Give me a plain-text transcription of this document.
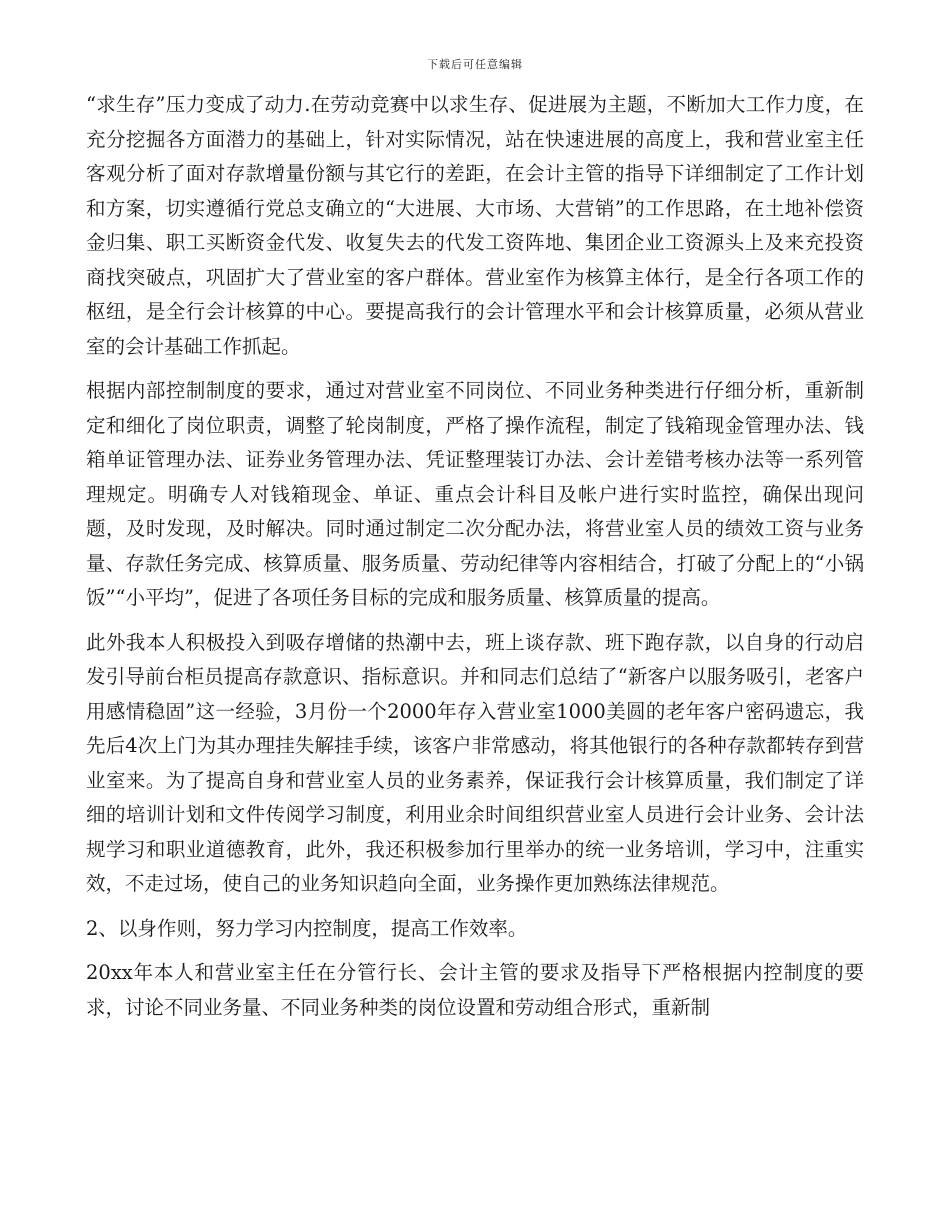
下载后可任意编辑

“求生存”压力变成了动力.在劳动竞赛中以求生存、促进展为主题，不断加大工作力度，在充分挖掘各方面潜力的基础上，针对实际情况，站在快速进展的高度上，我和营业室主任客观分析了面对存款增量份额与其它行的差距，在会计主管的指导下详细制定了工作计划和方案，切实遵循行党总支确立的“大进展、大市场、大营销”的工作思路，在土地补偿资金归集、职工买断资金代发、收复失去的代发工资阵地、集团企业工资源头上及来充投资商找突破点，巩固扩大了营业室的客户群体。营业室作为核算主体行，是全行各项工作的枢纽，是全行会计核算的中心。要提高我行的会计管理水平和会计核算质量，必须从营业室的会计基础工作抓起。

根据内部控制制度的要求，通过对营业室不同岗位、不同业务种类进行仔细分析，重新制定和细化了岗位职责，调整了轮岗制度，严格了操作流程，制定了钱箱现金管理办法、钱箱单证管理办法、证券业务管理办法、凭证整理装订办法、会计差错考核办法等一系列管理规定。明确专人对钱箱现金、单证、重点会计科目及帐户进行实时监控，确保出现问题，及时发现，及时解决。同时通过制定二次分配办法，将营业室人员的绩效工资与业务量、存款任务完成、核算质量、服务质量、劳动纪律等内容相结合，打破了分配上的“小锅饭”“小平均”，促进了各项任务目标的完成和服务质量、核算质量的提高。

此外我本人积极投入到吸存增储的热潮中去，班上谈存款、班下跑存款，以自身的行动启发引导前台柜员提高存款意识、指标意识。并和同志们总结了“新客户以服务吸引，老客户用感情稳固”这一经验，3月份一个2000年存入营业室1000美圆的老年客户密码遗忘，我先后4次上门为其办理挂失解挂手续，该客户非常感动，将其他银行的各种存款都转存到营业室来。为了提高自身和营业室人员的业务素养，保证我行会计核算质量，我们制定了详细的培训计划和文件传阅学习制度，利用业余时间组织营业室人员进行会计业务、会计法规学习和职业道德教育，此外，我还积极参加行里举办的统一业务培训，学习中，注重实效，不走过场，使自己的业务知识趋向全面，业务操作更加熟练法律规范。

2、以身作则，努力学习内控制度，提高工作效率。

20xx年本人和营业室主任在分管行长、会计主管的要求及指导下严格根据内控制度的要求，讨论不同业务量、不同业务种类的岗位设置和劳动组合形式，重新制
